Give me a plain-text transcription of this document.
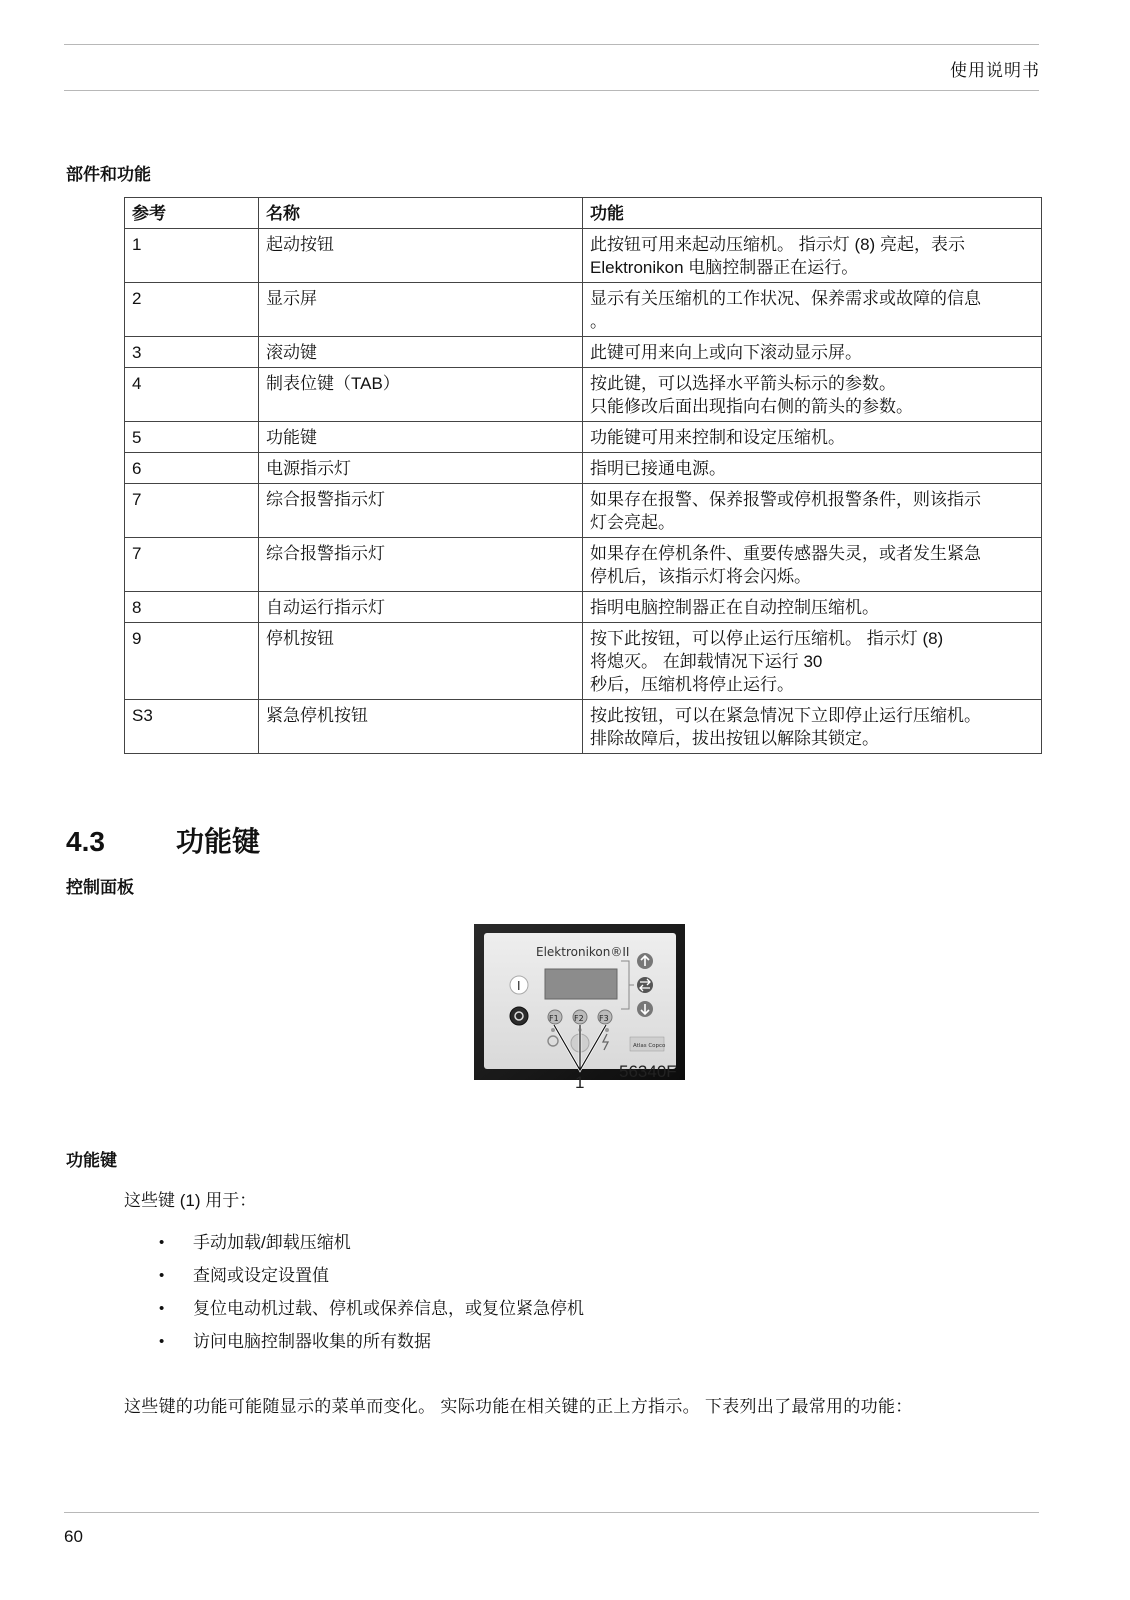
使用说明书
部件和功能
参考	名称	功能
1	起动按钮	此按钮可用来起动压缩机。 指示灯 (8) 亮起，表示
Elektronikon 电脑控制器正在运行。

2	显示屏	显示有关压缩机的工作状况、保养需求或故障的信息
。

3	滚动键	此键可用来向上或向下滚动显示屏。

4	制表位键（TAB）	按此键，可以选择水平箭头标示的参数。
只能修改后面出现指向右侧的箭头的参数。

5	功能键	功能键可用来控制和设定压缩机。

6	电源指示灯	指明已接通电源。

7	综合报警指示灯	如果存在报警、保养报警或停机报警条件，则该指示
灯会亮起。

7	综合报警指示灯	如果存在停机条件、重要传感器失灵，或者发生紧急
停机后，该指示灯将会闪烁。

8	自动运行指示灯	指明电脑控制器正在自动控制压缩机。

9	停机按钮	按下此按钮，可以停止运行压缩机。 指示灯 (8)
将熄灭。 在卸载情况下运行 30
秒后，压缩机将停止运行。

S3	紧急停机按钮	按此按钮，可以在紧急情况下立即停止运行压缩机。
排除故障后，拔出按钮以解除其锁定。
4.3	功能键
控制面板
Elektronikon®II
I
F1 F2 F3
Atlas Copco
1
56340F
功能键
这些键 (1) 用于：
• 手动加载/卸载压缩机
• 查阅或设定设置值
• 复位电动机过载、停机或保养信息，或复位紧急停机
• 访问电脑控制器收集的所有数据
这些键的功能可能随显示的菜单而变化。 实际功能在相关键的正上方指示。 下表列出了最常用的功能：
60
